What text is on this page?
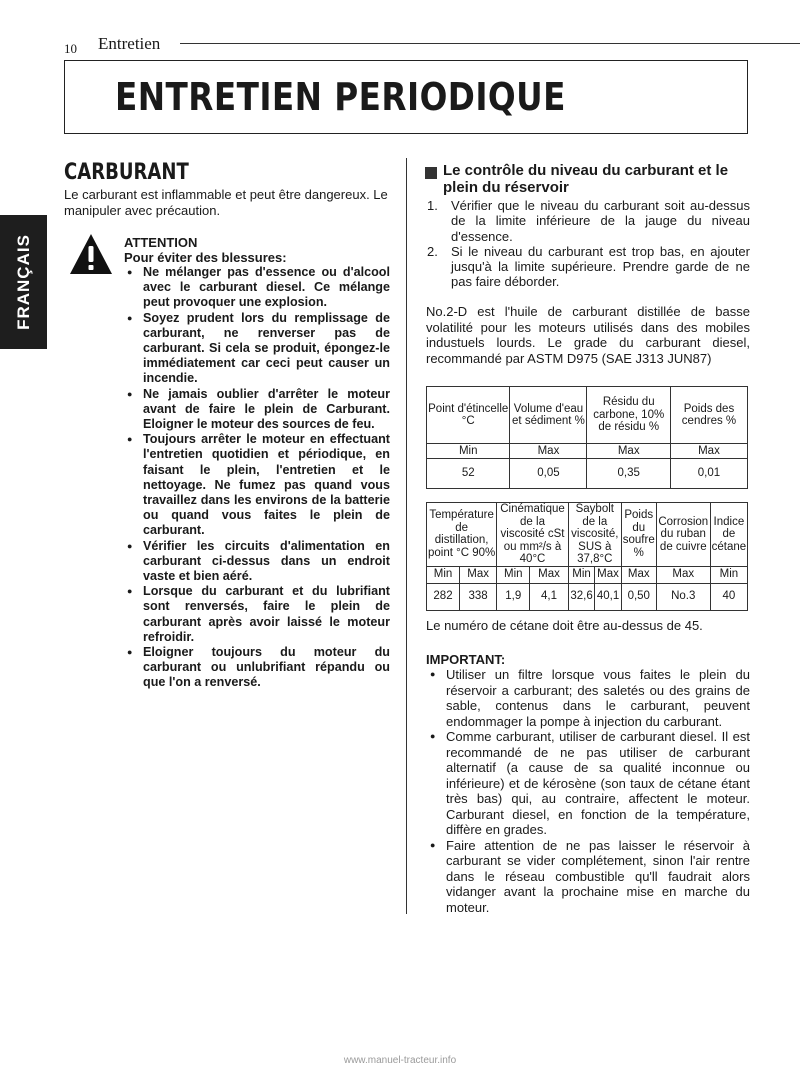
10 Entretien
ENTRETIEN PERIODIQUE
FRANÇAIS
CARBURANT
Le carburant est inflammable et peut être dangereux. Le manipuler avec précaution.
ATTENTION
Pour éviter des blessures:
● Ne mélanger pas d'essence ou d'alcool avec le carburant diesel. Ce mélange peut provoquer une explosion.
● Soyez prudent lors du remplissage de carburant, ne renverser pas de carburant. Si cela se produit, épongez-le immédiatement car ceci peut causer un incendie.
● Ne jamais oublier d'arrêter le moteur avant de faire le plein de Carburant. Eloigner le moteur des sources de feu.
● Toujours arrêter le moteur en effectuant l'entretien quotidien et périodique, en faisant le plein, l'entretien et le nettoyage. Ne fumez pas quand vous travaillez dans les environs de la batterie ou quand vous faites le plein de carburant.
● Vérifier les circuits d'alimentation en carburant ci-dessus dans un endroit vaste et bien aéré.
● Lorsque du carburant et du lubrifiant sont renversés, faire le plein de carburant après avoir laissé le moteur refroidir.
● Eloigner toujours du moteur du carburant ou unlubrifiant répandu ou que l'on a renversé.
Le contrôle du niveau du carburant et le plein du réservoir
1. Vérifier que le niveau du carburant soit au-dessus de la limite inférieure de la jauge du niveau d'essence.
2. Si le niveau du carburant est trop bas, en ajouter jusqu'à la limite supérieure. Prendre garde de ne pas faire déborder.
No.2-D est l'huile de carburant distillée de basse volatilité pour les moteurs utilisés dans des mobiles industuels lourds. Le grade du carburant diesel, recommandé par ASTM D975 (SAE J313 JUN87)
Point d'étincelle °C	Volume d'eau et sédiment %	Résidu du carbone, 10% de résidu %	Poids des cendres %
Min	Max	Max	Max
52	0,05	0,35	0,01
Température de distillation, point °C 90%		Cinématique de la viscosité cSt ou mm²/s à 40°C		Saybolt de la viscosité, SUS à 37,8°C		Poids du soufre %	Corrosion du ruban de cuivre	Indice de cétane
Min	Max	Min	Max	Min	Max	Max	Max	Min
282	338	1,9	4,1	32,6	40,1	0,50	No.3	40
Le numéro de cétane doit être au-dessus de 45.
IMPORTANT:
● Utiliser un filtre lorsque vous faites le plein du réservoir a carburant; des saletés ou des grains de sable, contenus dans le carburant, peuvent endommager la pompe à injection du carburant.
● Comme carburant, utiliser de carburant diesel. Il est recommandé de ne pas utiliser de carburant alternatif (a cause de sa qualité inconnue ou inférieure) et de kérosène (son taux de cétane étant très bas) qui, au contraire, affectent le moteur. Carburant diesel, en fonction de la température, diffère en grades.
● Faire attention de ne pas laisser le réservoir à carburant se vider complétement, sinon l'air rentre dans le réseau combustible qu'll faudrait alors vidanger avant la prochaine mise en marche du moteur.
www.manuel-tracteur.info
